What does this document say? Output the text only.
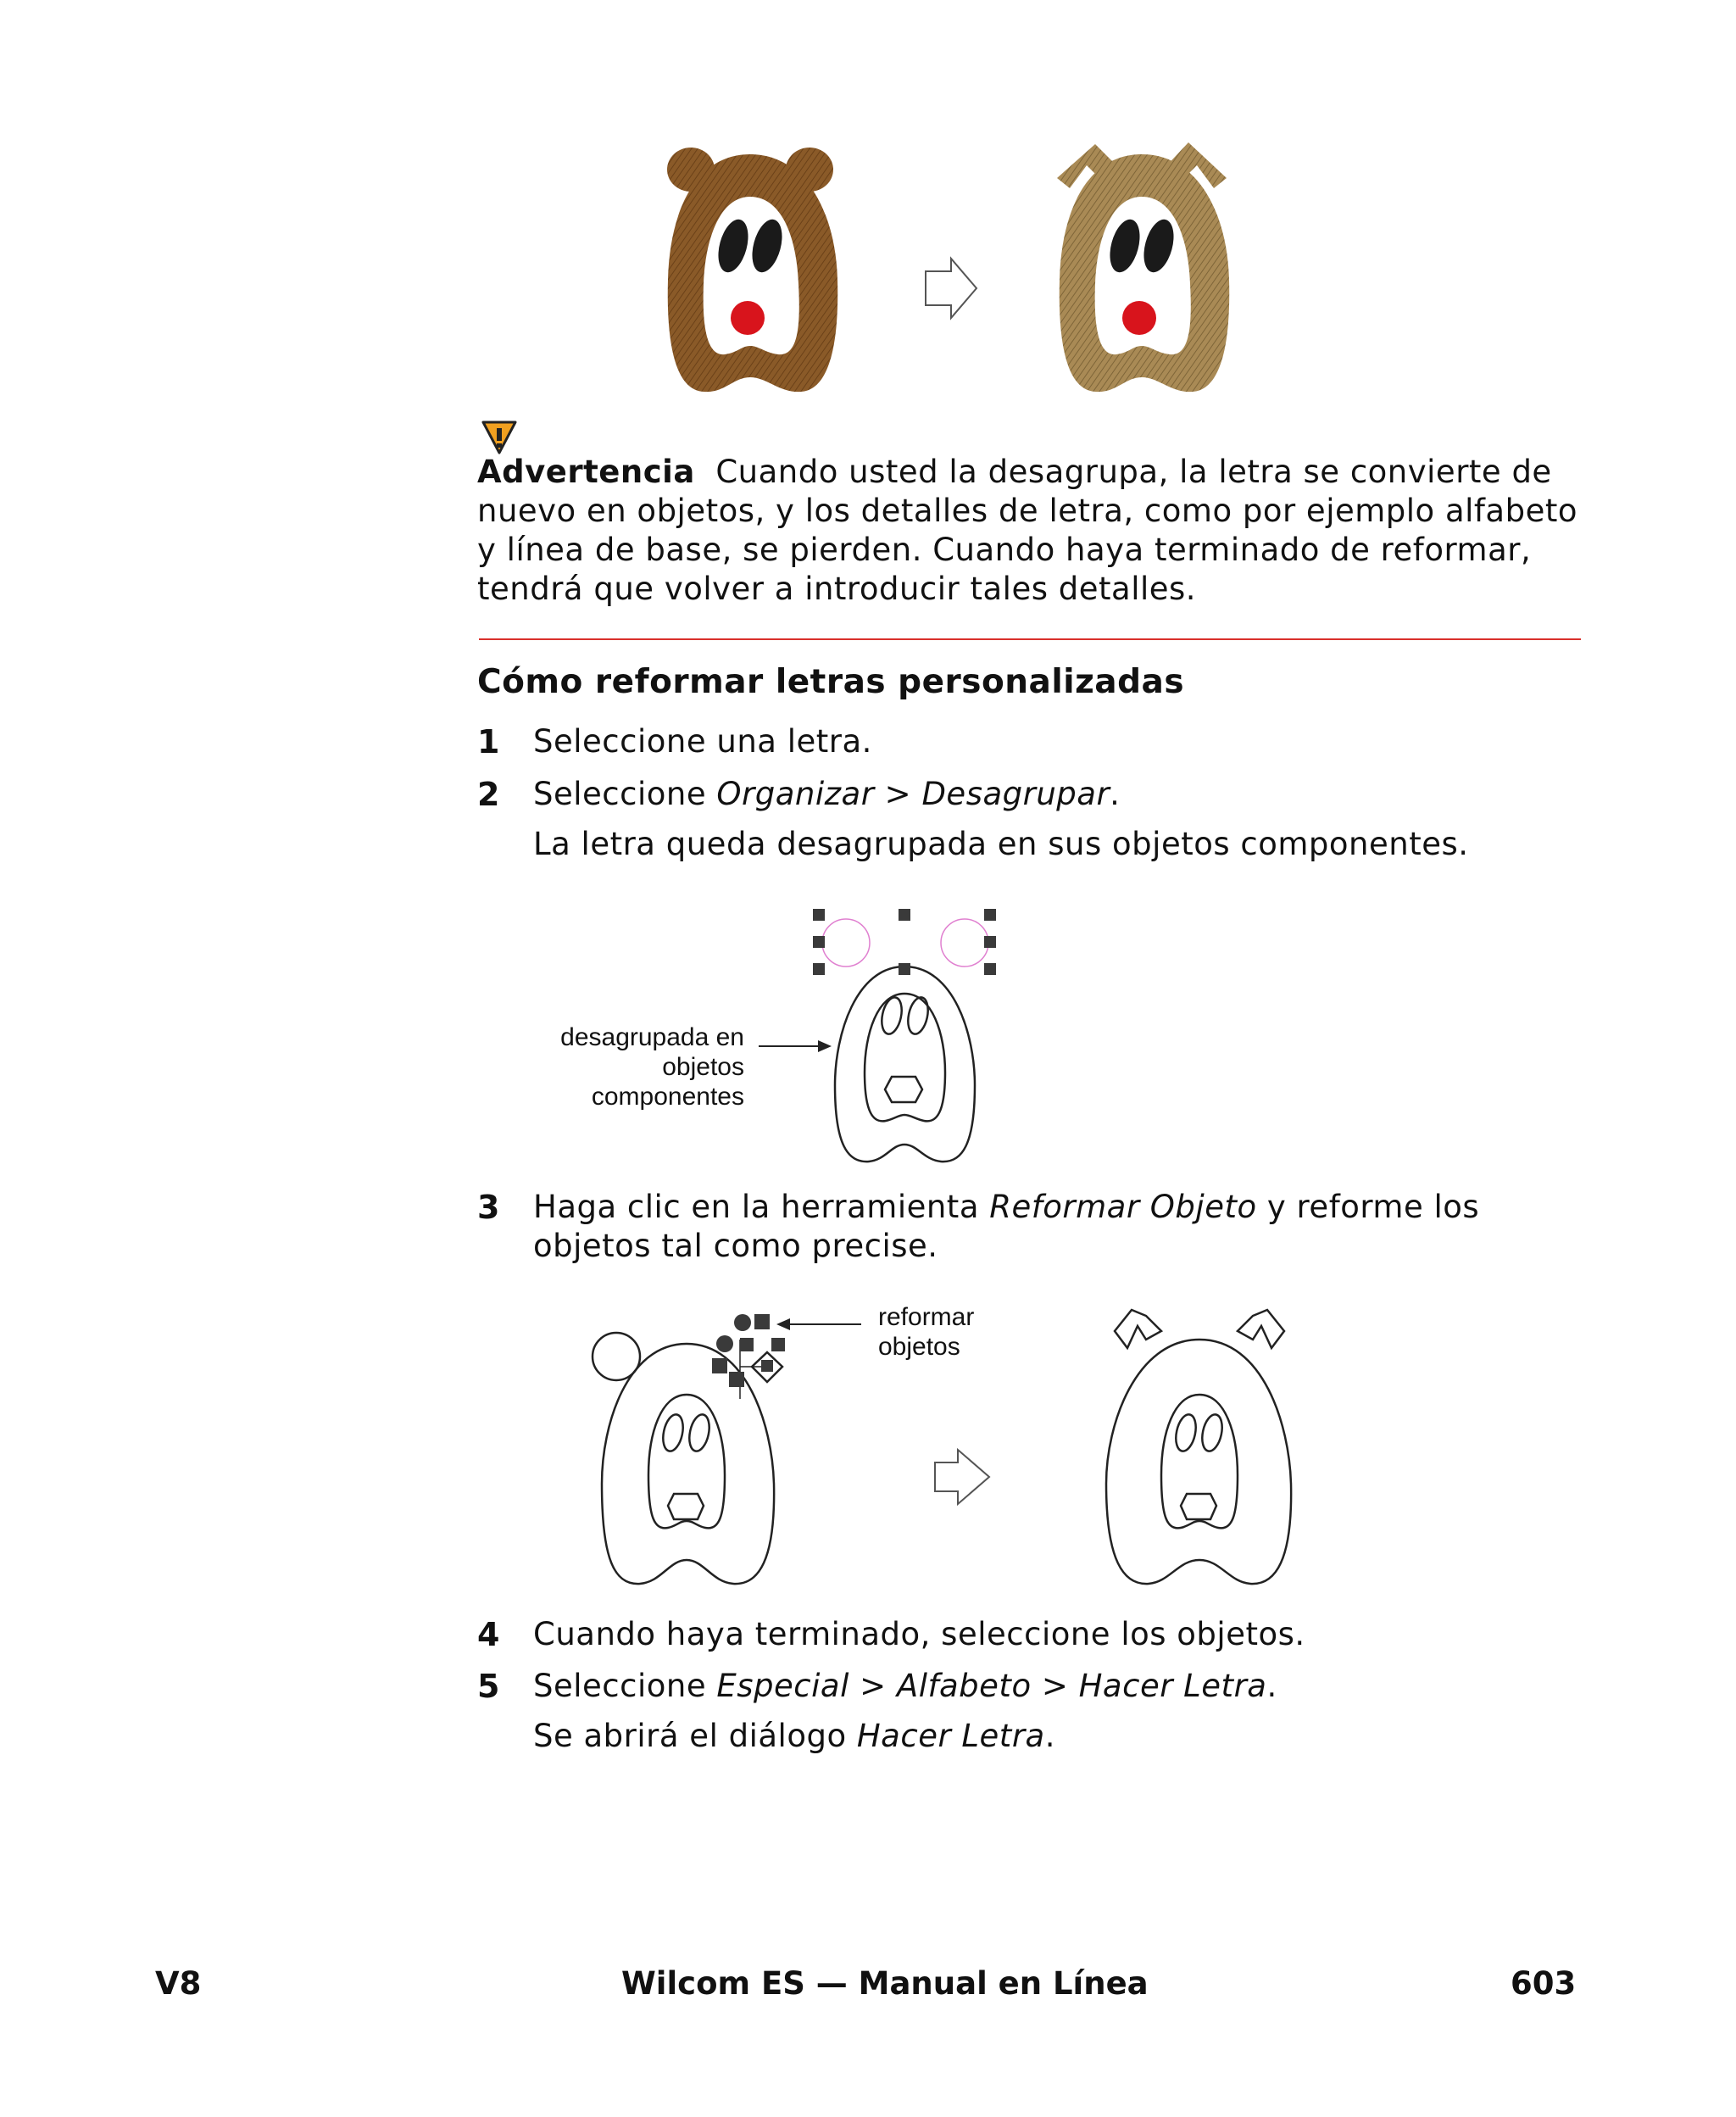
Advertencia Cuando usted la desagrupa, la letra se convierte de nuevo en objetos, y los detalles de letra, como por ejemplo alfabeto y línea de base, se pierden. Cuando haya terminado de reformar, tendrá que volver a introducir tales detalles.
Cómo reformar letras personalizadas
1 Seleccione una letra.
2 Seleccione Organizar > Desagrupar.
La letra queda desagrupada en sus objetos componentes.
desagrupada en
objetos
componentes
3 Haga clic en la herramienta Reformar Objeto y reforme los objetos tal como precise.
reformar
objetos
4 Cuando haya terminado, seleccione los objetos.
5 Seleccione Especial > Alfabeto > Hacer Letra.
Se abrirá el diálogo Hacer Letra.
V8	Wilcom ES — Manual en Línea	603
